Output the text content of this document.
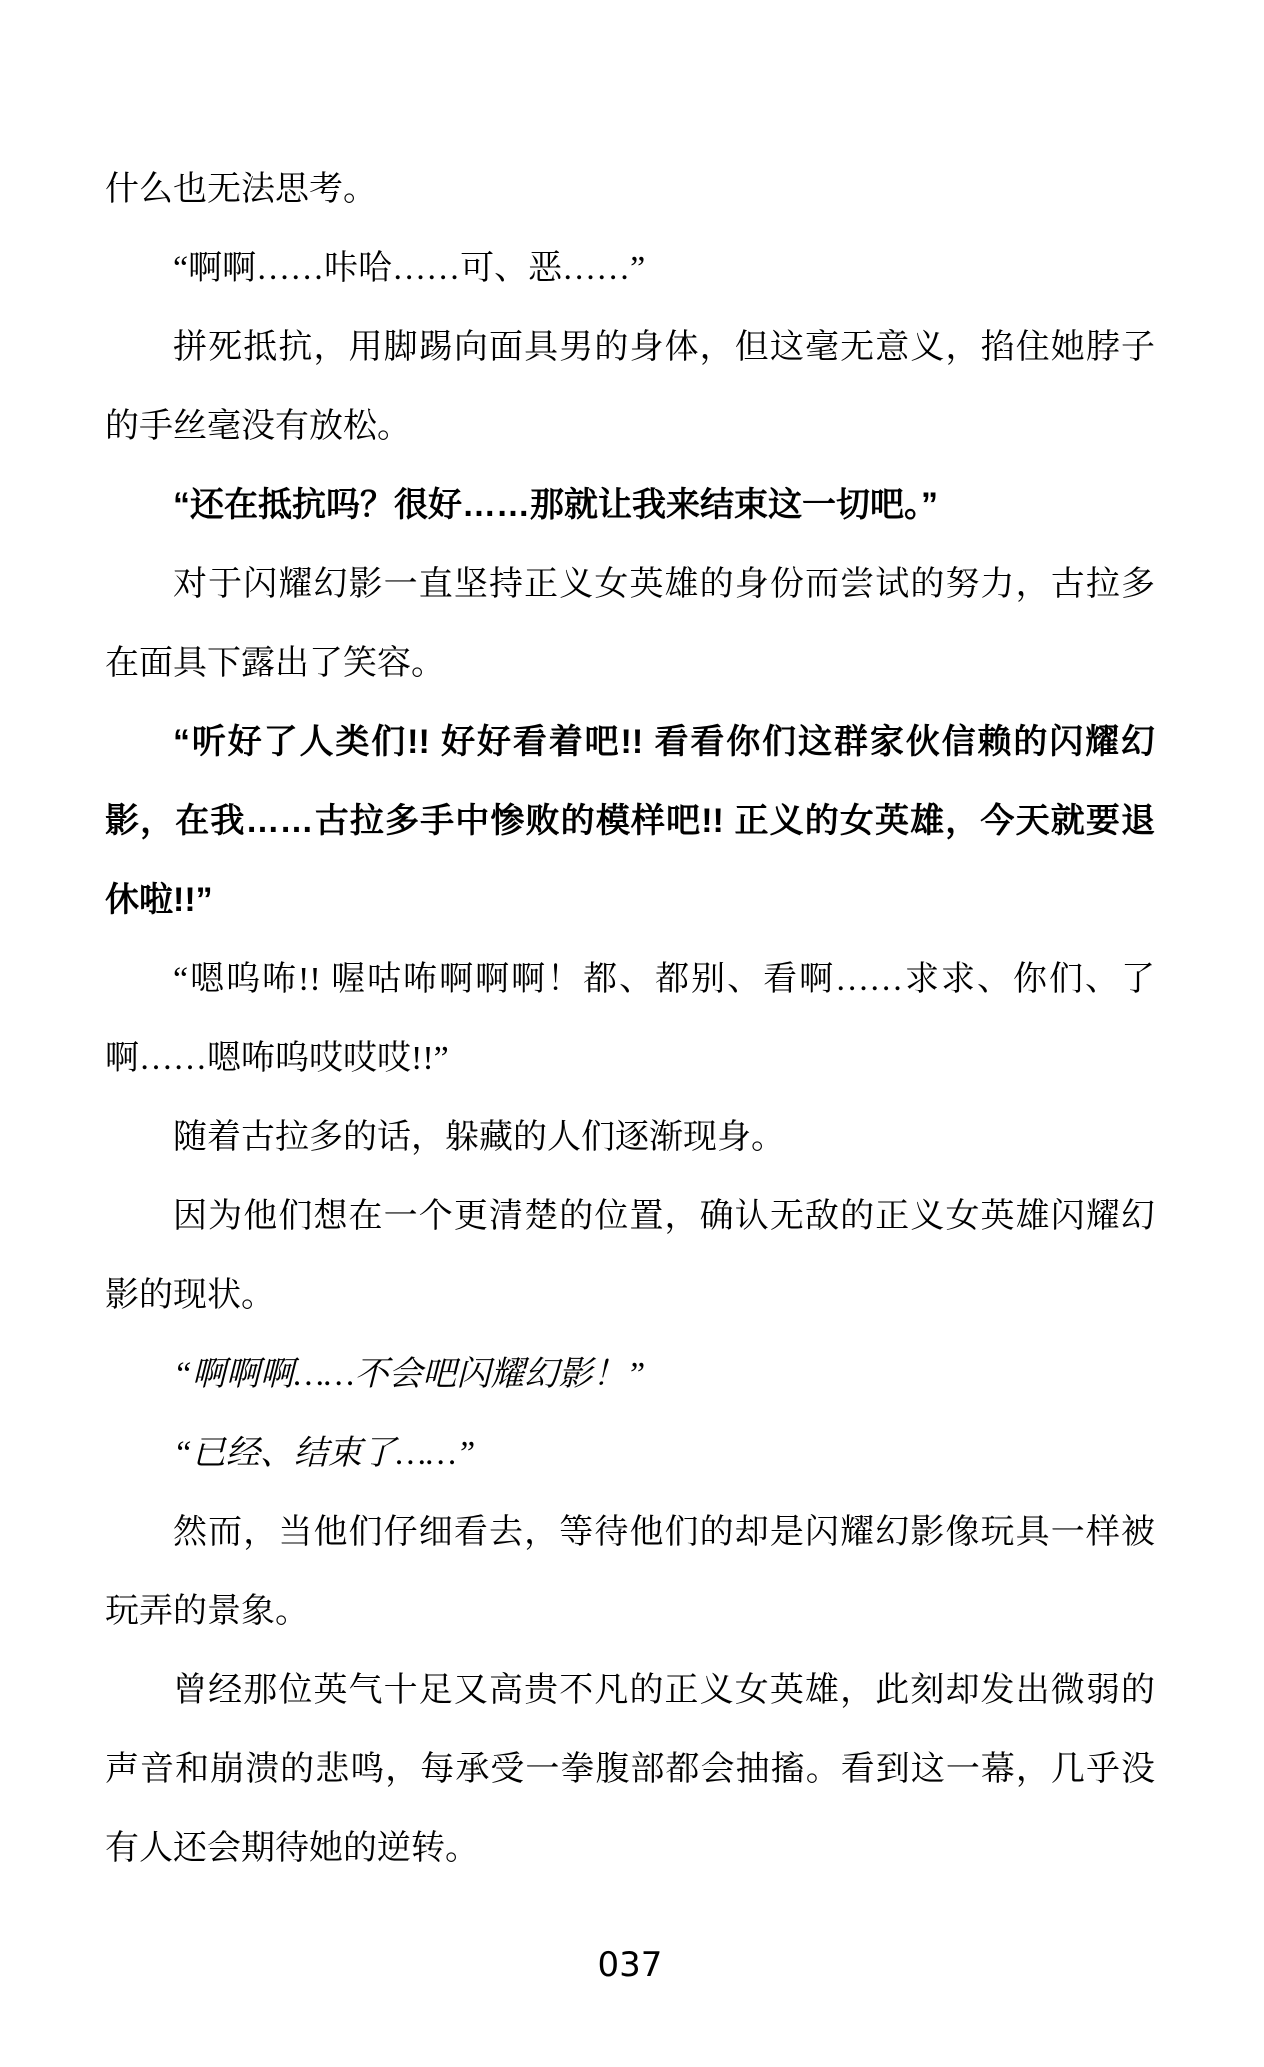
什么也无法思考。

“啊啊……咔哈……可、恶……”

拼死抵抗，用脚踢向面具男的身体，但这毫无意义，掐住她脖子的手丝毫没有放松。

“还在抵抗吗？很好……那就让我来结束这一切吧。”

对于闪耀幻影一直坚持正义女英雄的身份而尝试的努力，古拉多在面具下露出了笑容。

“听好了人类们!! 好好看着吧!! 看看你们这群家伙信赖的闪耀幻影，在我……古拉多手中惨败的模样吧!! 正义的女英雄，今天就要退休啦!!”

“嗯呜咘!! 喔咕咘啊啊啊！都、都别、看啊……求求、你们、了啊……嗯咘呜哎哎哎!!”

随着古拉多的话，躲藏的人们逐渐现身。

因为他们想在一个更清楚的位置，确认无敌的正义女英雄闪耀幻影的现状。

“啊啊啊……不会吧闪耀幻影！”

“已经、结束了……”

然而，当他们仔细看去，等待他们的却是闪耀幻影像玩具一样被玩弄的景象。

曾经那位英气十足又高贵不凡的正义女英雄，此刻却发出微弱的声音和崩溃的悲鸣，每承受一拳腹部都会抽搐。看到这一幕，几乎没有人还会期待她的逆转。

037
